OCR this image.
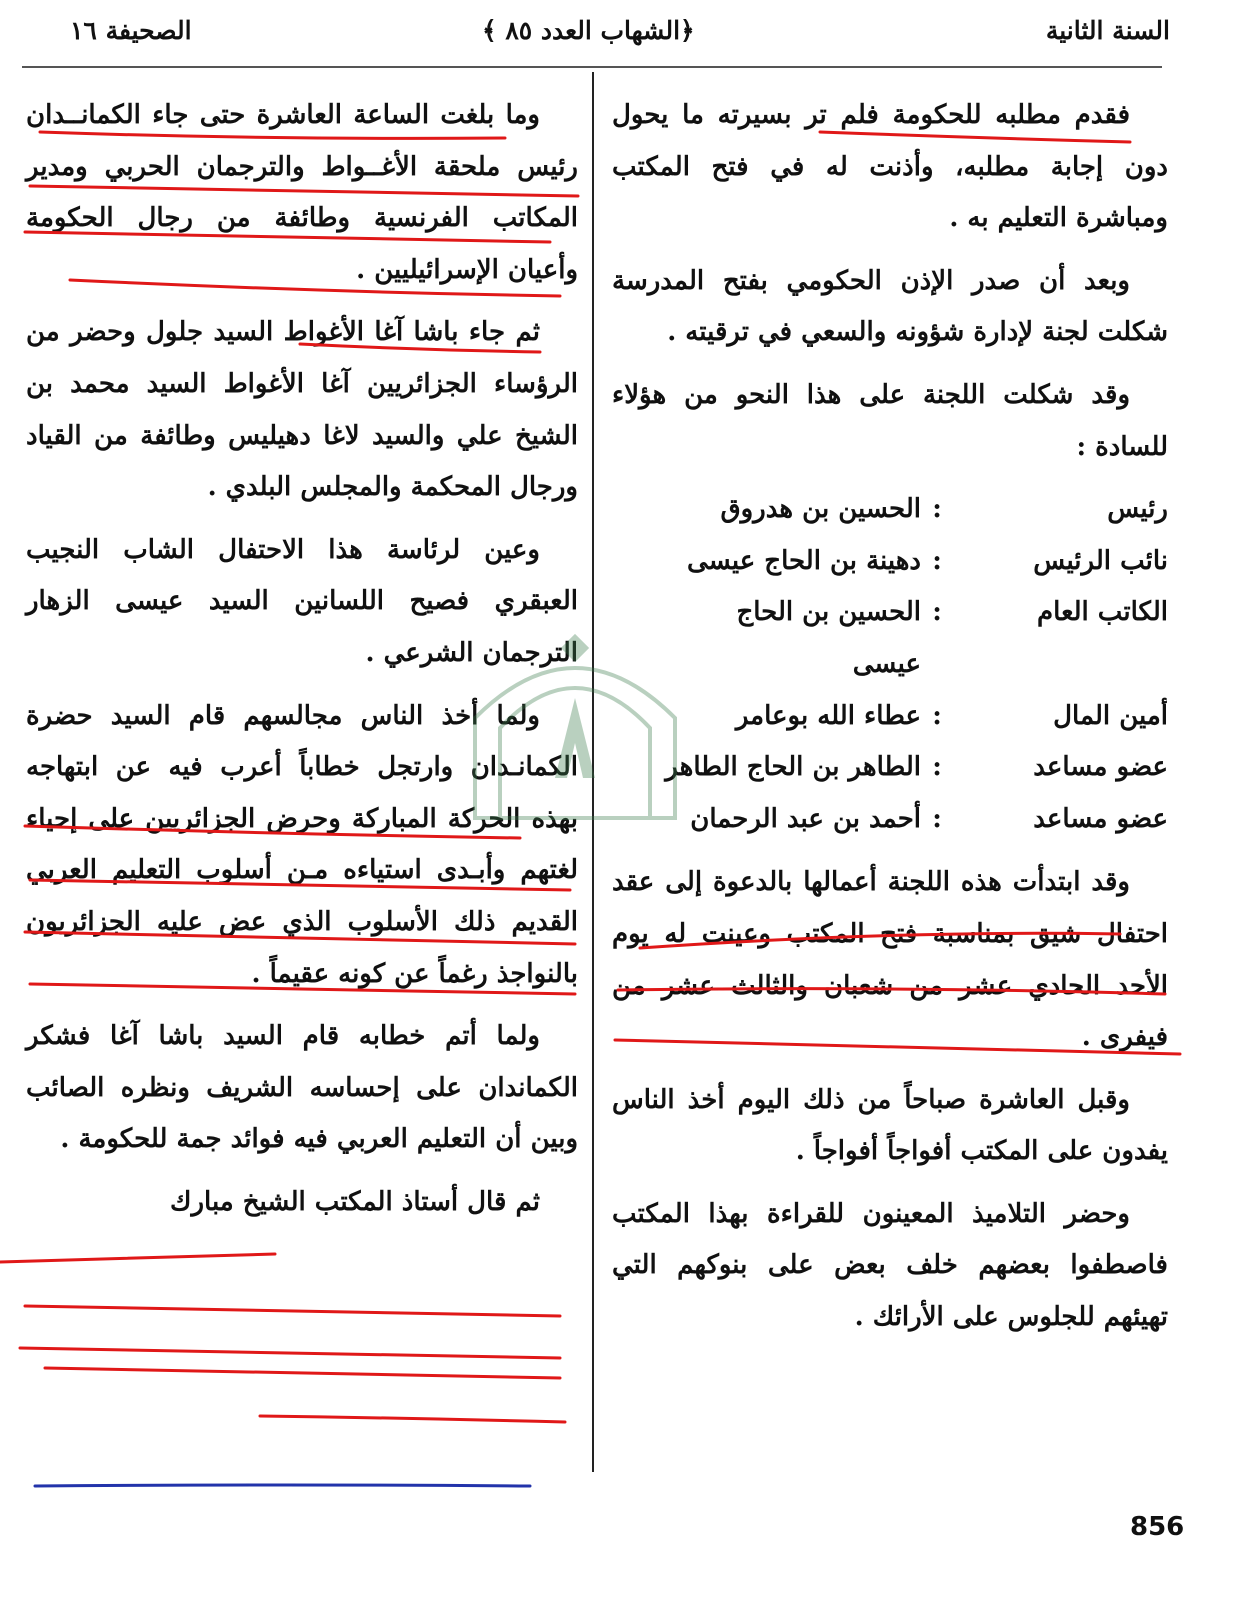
الصحيفة ١٦	﴿الشهاب العدد ٨٥ ﴾	السنة الثانية

فقدم مطلبه للحكومة فلم تر بسيرته ما يحول دون إجابة مطلبه، وأذنت له في فتح المكتب ومباشرة التعليم به .

وبعد أن صدر الإذن الحكومي بفتح المدرسة شكلت لجنة لإدارة شؤونه والسعي في ترقيته .

وقد شكلت اللجنة على هذا النحو من هؤلاء للسادة :

رئيس
:
الحسين بن هدروق
نائب الرئيس
:
دهينة بن الحاج عيسى
الكاتب العام
:
الحسين بن الحاج
عيسى
أمين المال
:
عطاء الله بوعامر
عضو مساعد
:
الطاهر بن الحاج الطاهر
عضو مساعد
:
أحمد بن عبد الرحمان

وقد ابتدأت هذه اللجنة أعمالها بالدعوة إلى عقد احتفال شيق بمناسبة فتح المكتب وعينت له يوم الأحد الحادي عشر من شعبان والثالث عشر من فيفرى .

وقبل العاشرة صباحاً من ذلك اليوم أخذ الناس يفدون على المكتب أفواجاً أفواجاً .

وحضر التلاميذ المعينون للقراءة بهذا المكتب فاصطفوا بعضهم خلف بعض على بنوكهم التي تهيئهم للجلوس على الأرائك .

وما بلغت الساعة العاشرة حتى جاء الكمانــدان رئيس ملحقة الأغــواط والترجمان الحربي ومدير المكاتب الفرنسية وطائفة من رجال الحكومة وأعيان الإسرائيليين .

ثم جاء باشا آغا الأغواط السيد جلول وحضر من الرؤساء الجزائريين آغا الأغواط السيد محمد بن الشيخ علي والسيد لاغا دهيليس وطائفة من القياد ورجال المحكمة والمجلس البلدي .

وعين لرئاسة هذا الاحتفال الشاب النجيب العبقري فصيح اللسانين السيد عيسى الزهار الترجمان الشرعي .

ولما أخذ الناس مجالسهم قام السيد حضرة الكمانـدان وارتجل خطاباً أعرب فيه عن ابتهاجه بهذه الحركة المباركة وحرض الجزائريين على إحياء لغتهم وأبـدى استياءه مـن أسلوب التعليم العربي القديم ذلك الأسلوب الذي عض عليه الجزائريون بالنواجذ رغماً عن كونه عقيماً .

ولما أتم خطابه قام السيد باشا آغا فشكر الكماندان على إحساسه الشريف ونظره الصائب وبين أن التعليم العربي فيه فوائد جمة للحكومة .

ثم قال أستاذ المكتب الشيخ مبارك

856
